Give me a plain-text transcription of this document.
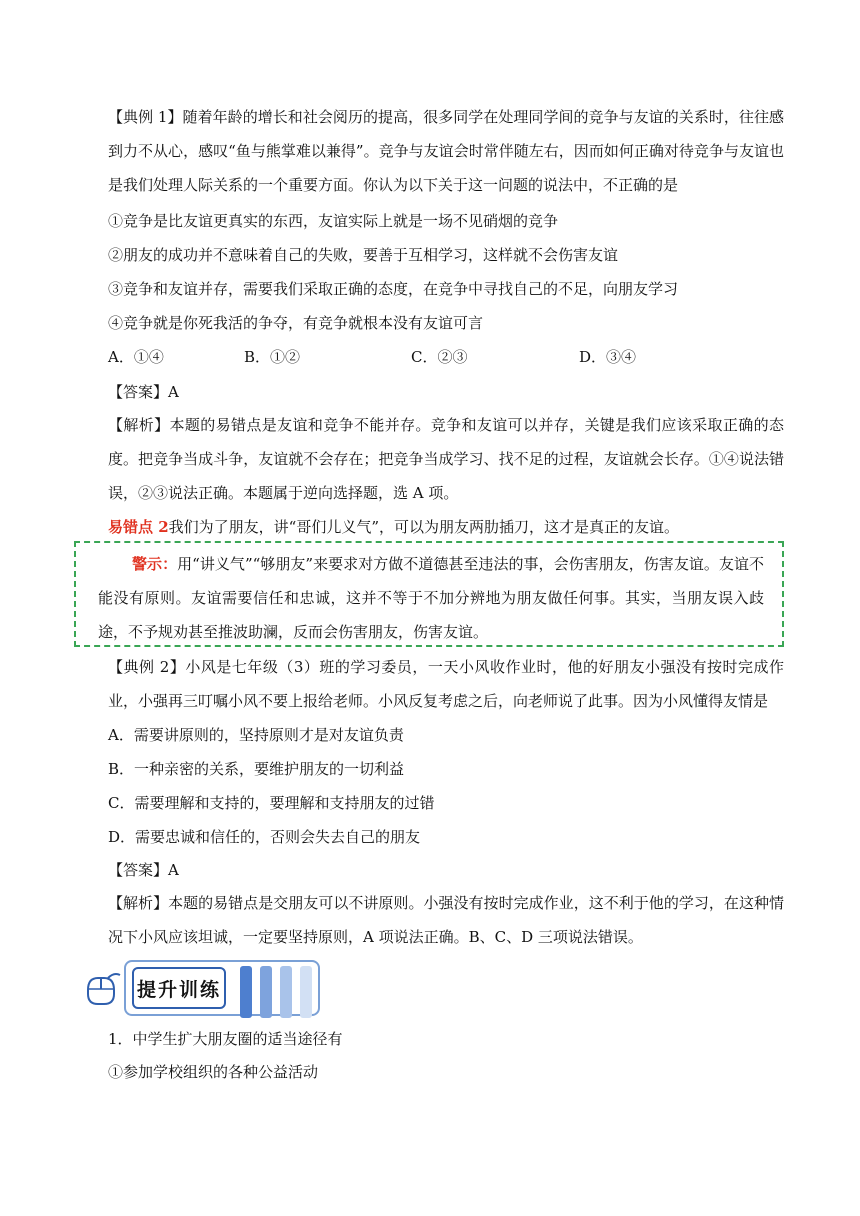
【典例 1】随着年龄的增长和社会阅历的提高，很多同学在处理同学间的竞争与友谊的关系时，往往感到力不从心，感叹“鱼与熊掌难以兼得”。竞争与友谊会时常伴随左右，因而如何正确对待竞争与友谊也是我们处理人际关系的一个重要方面。你认为以下关于这一问题的说法中，不正确的是

①竞争是比友谊更真实的东西，友谊实际上就是一场不见硝烟的竞争
②朋友的成功并不意味着自己的失败，要善于互相学习，这样就不会伤害友谊
③竞争和友谊并存，需要我们采取正确的态度，在竞争中寻找自己的不足，向朋友学习
④竞争就是你死我活的争夺，有竞争就根本没有友谊可言
A．①④	B．①②	C．②③	D．③④
【答案】A

【解析】本题的易错点是友谊和竞争不能并存。竞争和友谊可以并存，关键是我们应该采取正确的态度。把竞争当成斗争，友谊就不会存在；把竞争当成学习、找不足的过程，友谊就会长存。①④说法错误，②③说法正确。本题属于逆向选择题，选 A 项。

易错点 2我们为了朋友，讲“哥们儿义气”，可以为朋友两肋插刀，这才是真正的友谊。
警示：用“讲义气”“够朋友”来要求对方做不道德甚至违法的事，会伤害朋友，伤害友谊。友谊不能没有原则。友谊需要信任和忠诚，这并不等于不加分辨地为朋友做任何事。其实，当朋友误入歧途，不予规劝甚至推波助澜，反而会伤害朋友，伤害友谊。

【典例 2】小风是七年级（3）班的学习委员，一天小风收作业时，他的好朋友小强没有按时完成作业，小强再三叮嘱小风不要上报给老师。小风反复考虑之后，向老师说了此事。因为小风懂得友情是

A．需要讲原则的，坚持原则才是对友谊负责
B．一种亲密的关系，要维护朋友的一切利益
C．需要理解和支持的，要理解和支持朋友的过错
D．需要忠诚和信任的，否则会失去自己的朋友
【答案】A

【解析】本题的易错点是交朋友可以不讲原则。小强没有按时完成作业，这不利于他的学习，在这种情况下小风应该坦诚，一定要坚持原则，A 项说法正确。B、C、D 三项说法错误。

提升训练
1．中学生扩大朋友圈的适当途径有
①参加学校组织的各种公益活动
